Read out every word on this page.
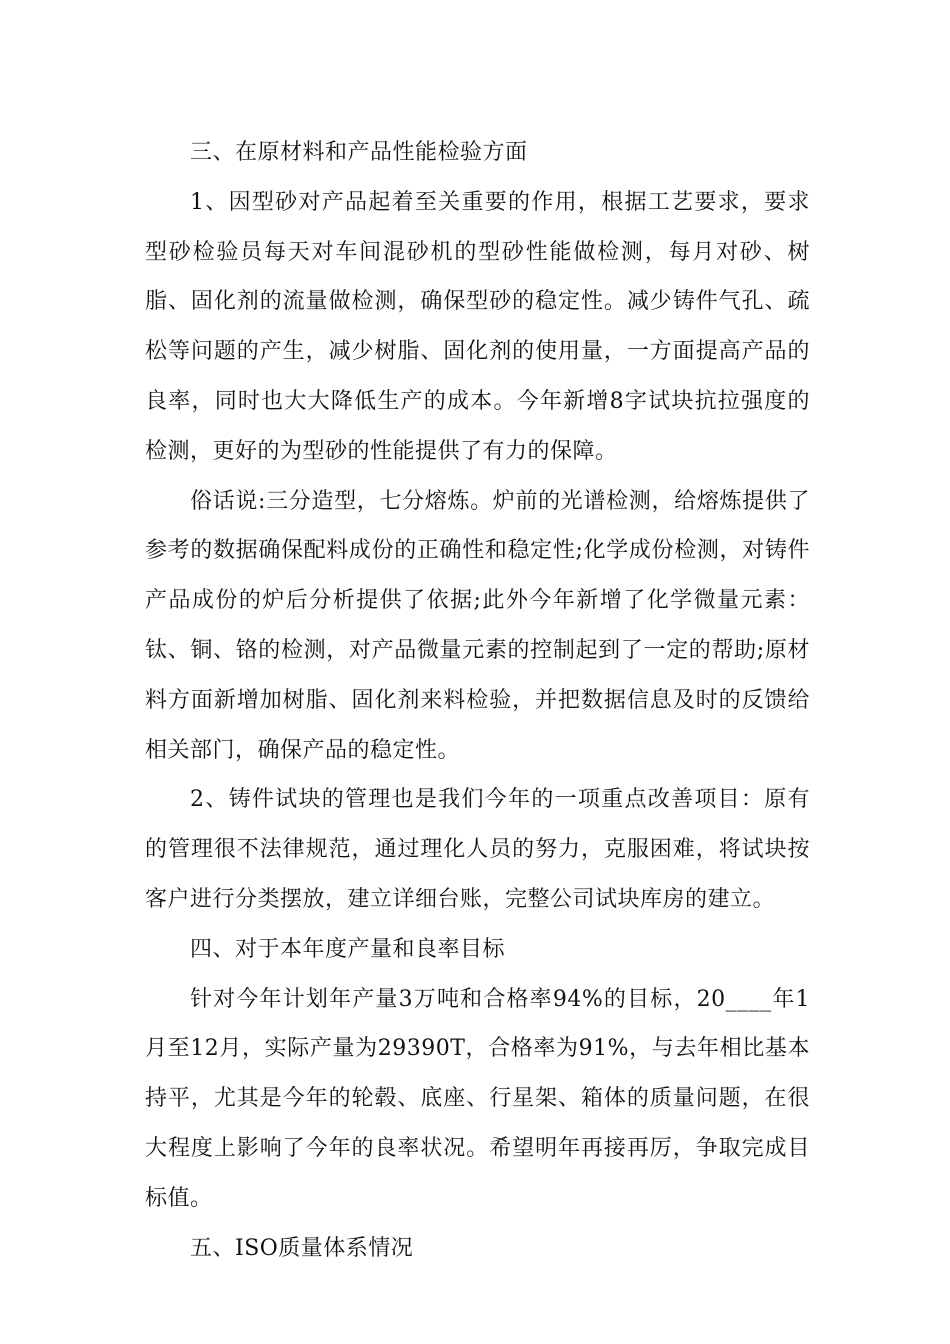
三、在原材料和产品性能检验方面

1、因型砂对产品起着至关重要的作用，根据工艺要求，要求型砂检验员每天对车间混砂机的型砂性能做检测，每月对砂、树脂、固化剂的流量做检测，确保型砂的稳定性。减少铸件气孔、疏松等问题的产生，减少树脂、固化剂的使用量，一方面提高产品的良率，同时也大大降低生产的成本。今年新增8字试块抗拉强度的检测，更好的为型砂的性能提供了有力的保障。

俗话说:三分造型，七分熔炼。炉前的光谱检测，给熔炼提供了参考的数据确保配料成份的正确性和稳定性;化学成份检测，对铸件产品成份的炉后分析提供了依据;此外今年新增了化学微量元素：钛、铜、铬的检测，对产品微量元素的控制起到了一定的帮助;原材料方面新增加树脂、固化剂来料检验，并把数据信息及时的反馈给相关部门，确保产品的稳定性。

2、铸件试块的管理也是我们今年的一项重点改善项目：原有的管理很不法律规范，通过理化人员的努力，克服困难，将试块按客户进行分类摆放，建立详细台账，完整公司试块库房的建立。

四、对于本年度产量和良率目标

针对今年计划年产量3万吨和合格率94%的目标，20____年1月至12月，实际产量为29390T，合格率为91%，与去年相比基本持平，尤其是今年的轮毂、底座、行星架、箱体的质量问题，在很大程度上影响了今年的良率状况。希望明年再接再厉，争取完成目标值。

五、ISO质量体系情况
